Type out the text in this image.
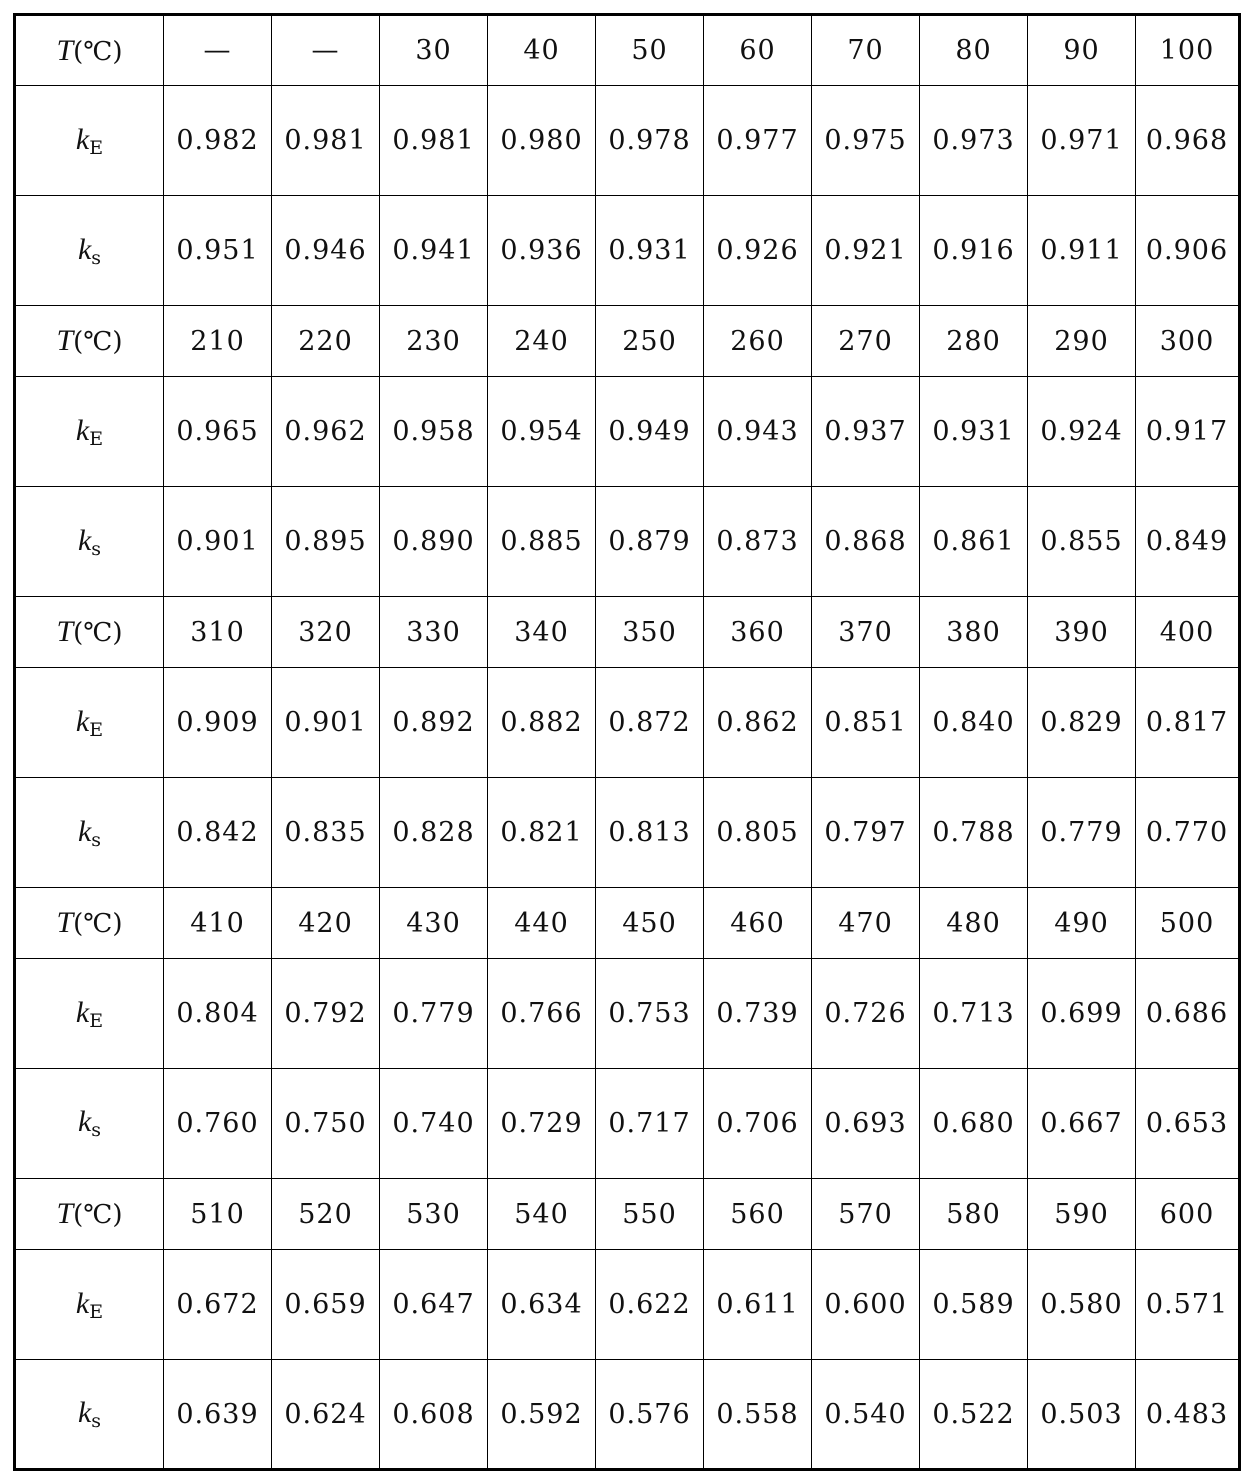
T(℃)	—	—	30	40	50	60	70	80	90	100
$k_E$	0.982	0.981	0.981	0.980	0.978	0.977	0.975	0.973	0.971	0.968
$k_s$	0.951	0.946	0.941	0.936	0.931	0.926	0.921	0.916	0.911	0.906
T(℃)	210	220	230	240	250	260	270	280	290	300
$k_E$	0.965	0.962	0.958	0.954	0.949	0.943	0.937	0.931	0.924	0.917
$k_s$	0.901	0.895	0.890	0.885	0.879	0.873	0.868	0.861	0.855	0.849
T(℃)	310	320	330	340	350	360	370	380	390	400
$k_E$	0.909	0.901	0.892	0.882	0.872	0.862	0.851	0.840	0.829	0.817
$k_s$	0.842	0.835	0.828	0.821	0.813	0.805	0.797	0.788	0.779	0.770
T(℃)	410	420	430	440	450	460	470	480	490	500
$k_E$	0.804	0.792	0.779	0.766	0.753	0.739	0.726	0.713	0.699	0.686
$k_s$	0.760	0.750	0.740	0.729	0.717	0.706	0.693	0.680	0.667	0.653
T(℃)	510	520	530	540	550	560	570	580	590	600
$k_E$	0.672	0.659	0.647	0.634	0.622	0.611	0.600	0.589	0.580	0.571
$k_s$	0.639	0.624	0.608	0.592	0.576	0.558	0.540	0.522	0.503	0.483
